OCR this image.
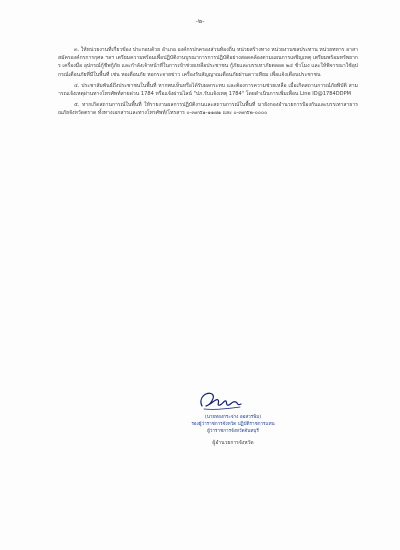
-๒-

๓. ให้หน่วยงานที่เกี่ยวข้อง ประกอบด้วย อำเภอ องค์กรปกครองส่วนท้องถิ่น หน่วยสร้างทาง หน่วยงานชลประทาน หน่วยทหาร อาสาสมัครองค์กรการกุศล ฯลฯ เตรียมความพร้อมเพื่อปฏิบัติงานบูรณาการการปฏิบัติอย่างสอดคล้องตามแผนการเผชิญเหตุ เตรียมพร้อมทรัพยากร เครื่องมือ อุปกรณ์กู้ชีพกู้ภัย และกำลังเจ้าหน้าที่ในการเข้าช่วยเหลือประชาชน กู้ภัยและบรรเทาภัยตลอด ๒๔ ชั่วโมง และให้พิจารณาใช้อุปกรณ์เตือนภัยที่มีในพื้นที่ เช่น หอเตือนภัย หอกระจายข่าว เครื่องรับสัญญาณเตือนภัยผ่านดาวเทียม เพื่อแจ้งเตือนประชาชน

๔. ประชาสัมพันธ์ถึงประชาชนในพื้นที่ หากพบเห็นหรือได้รับผลกระทบ และต้องการความช่วยเหลือ เมื่อเกิดสถานการณ์ภัยพิบัติ สามารถแจ้งเหตุผ่านทางโทรศัพท์สายด่วน 1784 หรือแจ้งผ่านไลน์ "ปภ.รับแจ้งเหตุ 1784" โดยดำเนินการเพิ่มเพื่อน Line ID@1784DDPM

๕. หากเกิดสถานการณ์ในพื้นที่ ให้รายงานผลการปฏิบัติงานและสถานการณ์ในพื้นที่ มายังกองอำนวยการป้องกันและบรรเทาสาธารณภัยจังหวัดตราด ทั้งทางเอกสารและทางโทรศัพท์/โทรสาร ๐-๓๙๕๑-๑๑๗๑ และ ๐-๓๙๕๒-๐๐๐๐

(นายทองกระจ่าง ออสวรพิม)
รองผู้ว่าราชการจังหวัด ปฏิบัติราชการแทน
ผู้ว่าราชการจังหวัดจันทบุรี
ผู้อำนวยการจังหวัด
